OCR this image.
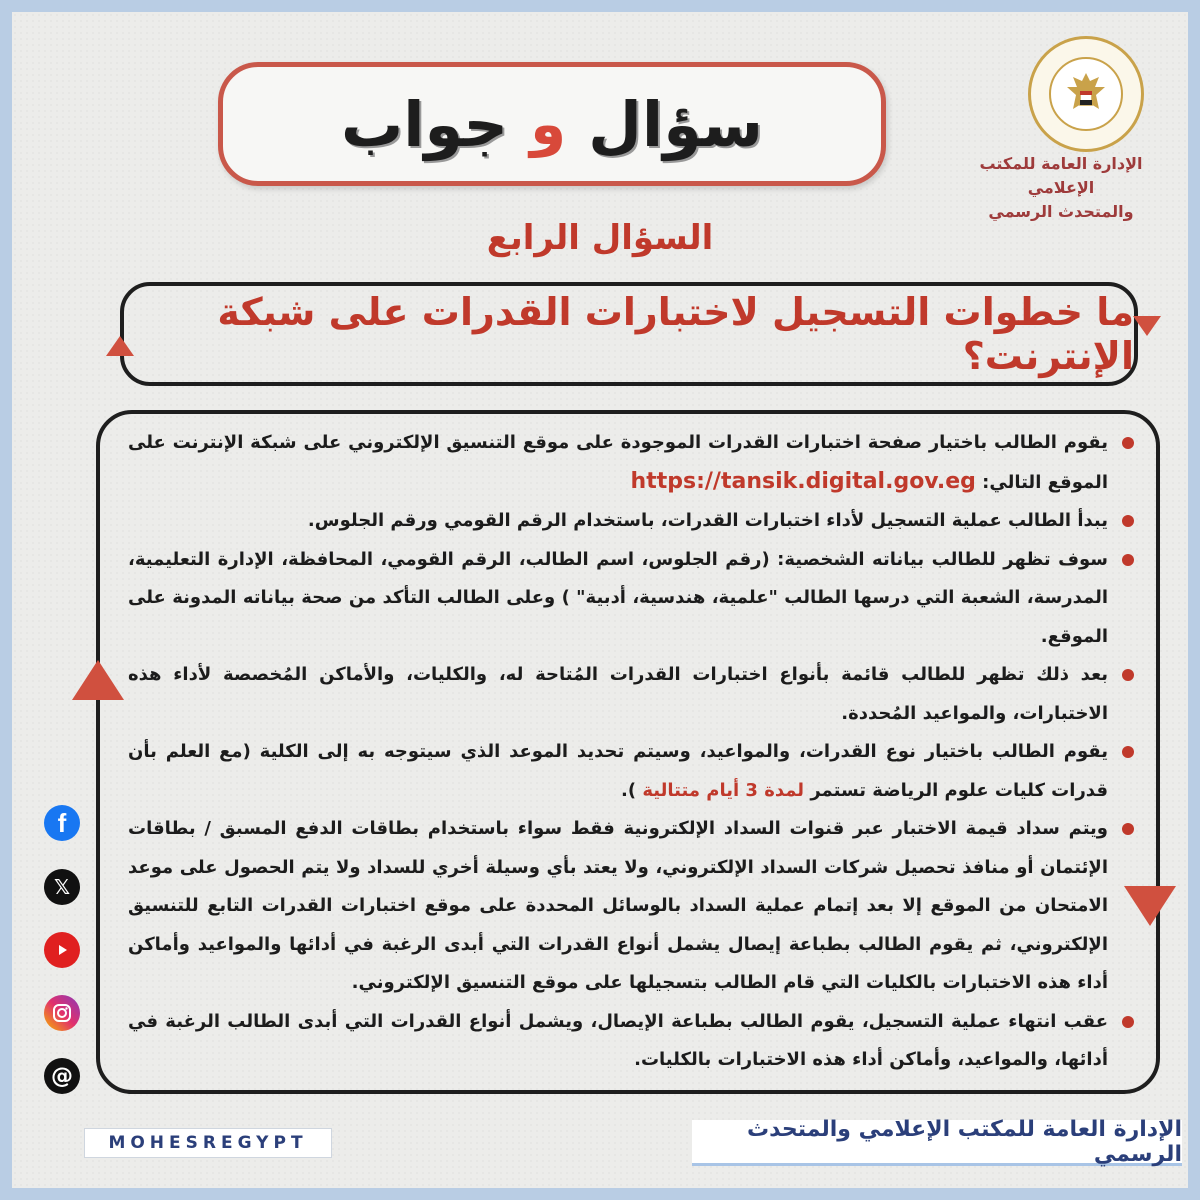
الإدارة العامة للمكتب الإعلامي
والمتحدث الرسمي
سؤال
و
جواب
السؤال الرابع
ما خطوات التسجيل لاختبارات القدرات على شبكة الإنترنت؟
يقوم الطالب باختيار صفحة اختبارات القدرات الموجودة على موقع التنسيق الإلكتروني على شبكة الإنترنت على الموقع التالي: https://tansik.digital.gov.eg
يبدأ الطالب عملية التسجيل لأداء اختبارات القدرات، باستخدام الرقم القومي ورقم الجلوس.
سوف تظهر للطالب بياناته الشخصية: (رقم الجلوس، اسم الطالب، الرقم القومي، المحافظة، الإدارة التعليمية، المدرسة، الشعبة التي درسها الطالب "علمية، هندسية، أدبية" ) وعلى الطالب التأكد من صحة بياناته المدونة على الموقع.
بعد ذلك تظهر للطالب قائمة بأنواع اختبارات القدرات المُتاحة له، والكليات، والأماكن المُخصصة لأداء هذه الاختبارات، والمواعيد المُحددة.
يقوم الطالب باختيار نوع القدرات، والمواعيد، وسيتم تحديد الموعد الذي سيتوجه به إلى الكلية (مع العلم بأن قدرات كليات علوم الرياضة تستمر لمدة 3 أيام متتالية ).
ويتم سداد قيمة الاختبار عبر قنوات السداد الإلكترونية فقط سواء باستخدام بطاقات الدفع المسبق / بطاقات الإئتمان أو منافذ تحصيل شركات السداد الإلكتروني، ولا يعتد بأي وسيلة أخري للسداد ولا يتم الحصول على موعد الامتحان من الموقع إلا بعد إتمام عملية السداد بالوسائل المحددة على موقع اختبارات القدرات التابع للتنسيق الإلكتروني، ثم يقوم الطالب بطباعة إيصال يشمل أنواع القدرات التي أبدى الرغبة في أدائها والمواعيد وأماكن أداء هذه الاختبارات بالكليات التي قام الطالب بتسجيلها على موقع التنسيق الإلكتروني.
عقب انتهاء عملية التسجيل، يقوم الطالب بطباعة الإيصال، ويشمل أنواع القدرات التي أبدى الطالب الرغبة في أدائها، والمواعيد، وأماكن أداء هذه الاختبارات بالكليات.
f
𝕏
@
MOHESREGYPT
الإدارة العامة للمكتب الإعلامي والمتحدث الرسمي
